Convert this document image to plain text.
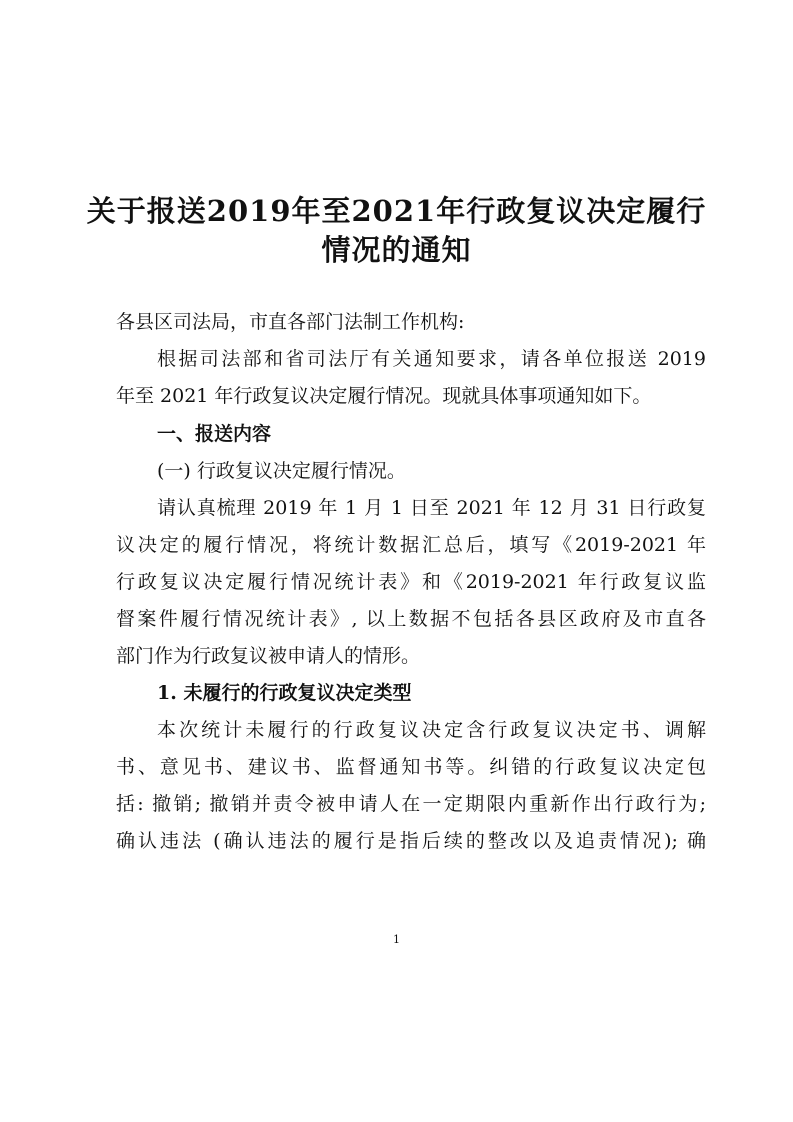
关于报送2019年至2021年行政复议决定履行
情况的通知
各县区司法局，市直各部门法制工作机构:
根据司法部和省司法厅有关通知要求，请各单位报送 2019
年至 2021 年行政复议决定履行情况。现就具体事项通知如下。
一、报送内容
(一) 行政复议决定履行情况。
请认真梳理 2019 年 1 月 1 日至 2021 年 12 月 31 日行政复
议决定的履行情况，将统计数据汇总后，填写《2019-2021 年
行政复议决定履行情况统计表》和《2019-2021 年行政复议监
督案件履行情况统计表》, 以上数据不包括各县区政府及市直各
部门作为行政复议被申请人的情形。
1. 未履行的行政复议决定类型
本次统计未履行的行政复议决定含行政复议决定书、调解
书、意见书、建议书、监督通知书等。纠错的行政复议决定包
括: 撤销; 撤销并责令被申请人在一定期限内重新作出行政行为;
确认违法 (确认违法的履行是指后续的整改以及追责情况); 确
1
